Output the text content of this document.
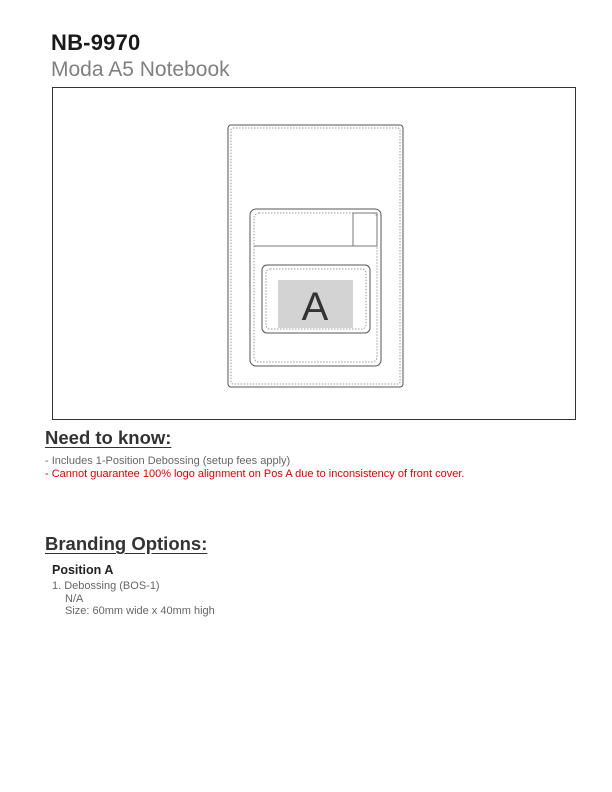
NB-9970
Moda A5 Notebook
A
Need to know:
- Includes 1-Position Debossing (setup fees apply)
- Cannot guarantee 100% logo alignment on Pos A due to inconsistency of front cover.
Branding Options:
Position A
1. Debossing (BOS-1)
N/A
Size: 60mm wide x 40mm high
